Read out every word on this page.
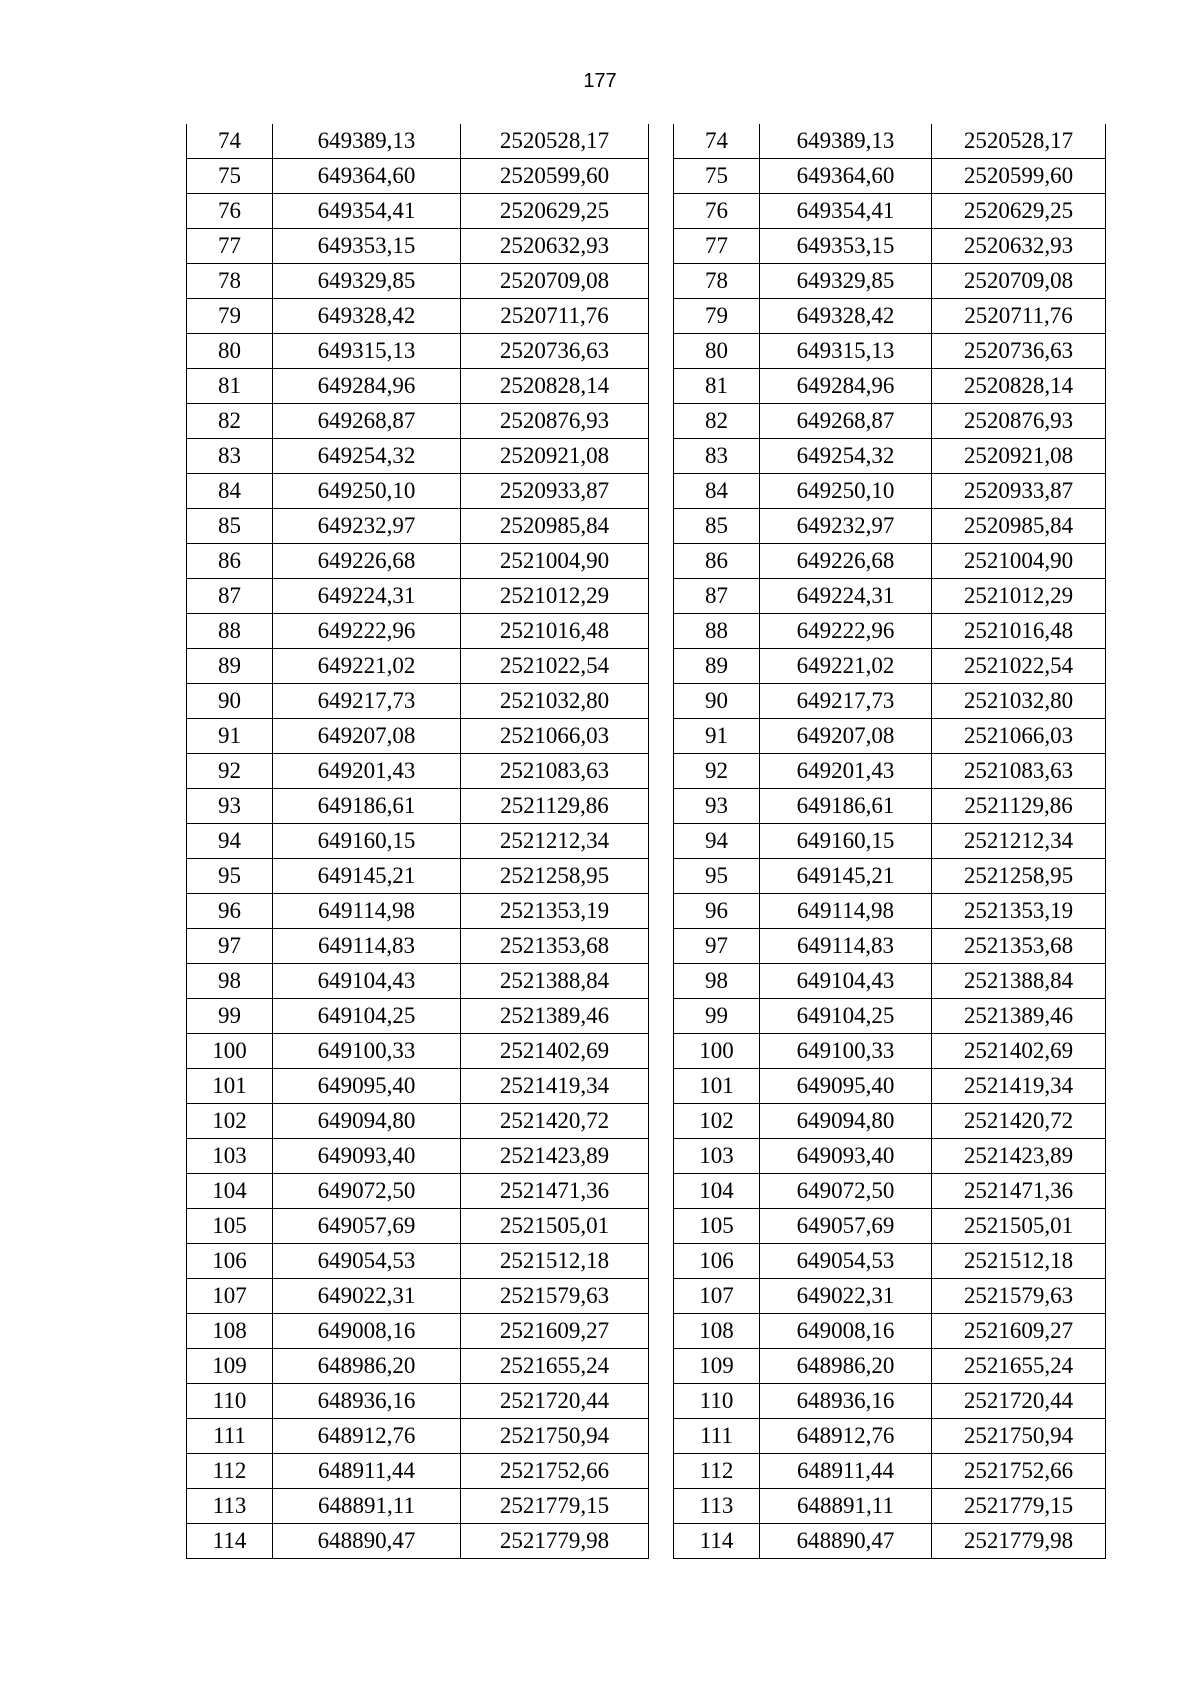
177
74	649389,13	2520528,17
75	649364,60	2520599,60
76	649354,41	2520629,25
77	649353,15	2520632,93
78	649329,85	2520709,08
79	649328,42	2520711,76
80	649315,13	2520736,63
81	649284,96	2520828,14
82	649268,87	2520876,93
83	649254,32	2520921,08
84	649250,10	2520933,87
85	649232,97	2520985,84
86	649226,68	2521004,90
87	649224,31	2521012,29
88	649222,96	2521016,48
89	649221,02	2521022,54
90	649217,73	2521032,80
91	649207,08	2521066,03
92	649201,43	2521083,63
93	649186,61	2521129,86
94	649160,15	2521212,34
95	649145,21	2521258,95
96	649114,98	2521353,19
97	649114,83	2521353,68
98	649104,43	2521388,84
99	649104,25	2521389,46
100	649100,33	2521402,69
101	649095,40	2521419,34
102	649094,80	2521420,72
103	649093,40	2521423,89
104	649072,50	2521471,36
105	649057,69	2521505,01
106	649054,53	2521512,18
107	649022,31	2521579,63
108	649008,16	2521609,27
109	648986,20	2521655,24
110	648936,16	2521720,44
111	648912,76	2521750,94
112	648911,44	2521752,66
113	648891,11	2521779,15
114	648890,47	2521779,98
74	649389,13	2520528,17
75	649364,60	2520599,60
76	649354,41	2520629,25
77	649353,15	2520632,93
78	649329,85	2520709,08
79	649328,42	2520711,76
80	649315,13	2520736,63
81	649284,96	2520828,14
82	649268,87	2520876,93
83	649254,32	2520921,08
84	649250,10	2520933,87
85	649232,97	2520985,84
86	649226,68	2521004,90
87	649224,31	2521012,29
88	649222,96	2521016,48
89	649221,02	2521022,54
90	649217,73	2521032,80
91	649207,08	2521066,03
92	649201,43	2521083,63
93	649186,61	2521129,86
94	649160,15	2521212,34
95	649145,21	2521258,95
96	649114,98	2521353,19
97	649114,83	2521353,68
98	649104,43	2521388,84
99	649104,25	2521389,46
100	649100,33	2521402,69
101	649095,40	2521419,34
102	649094,80	2521420,72
103	649093,40	2521423,89
104	649072,50	2521471,36
105	649057,69	2521505,01
106	649054,53	2521512,18
107	649022,31	2521579,63
108	649008,16	2521609,27
109	648986,20	2521655,24
110	648936,16	2521720,44
111	648912,76	2521750,94
112	648911,44	2521752,66
113	648891,11	2521779,15
114	648890,47	2521779,98
